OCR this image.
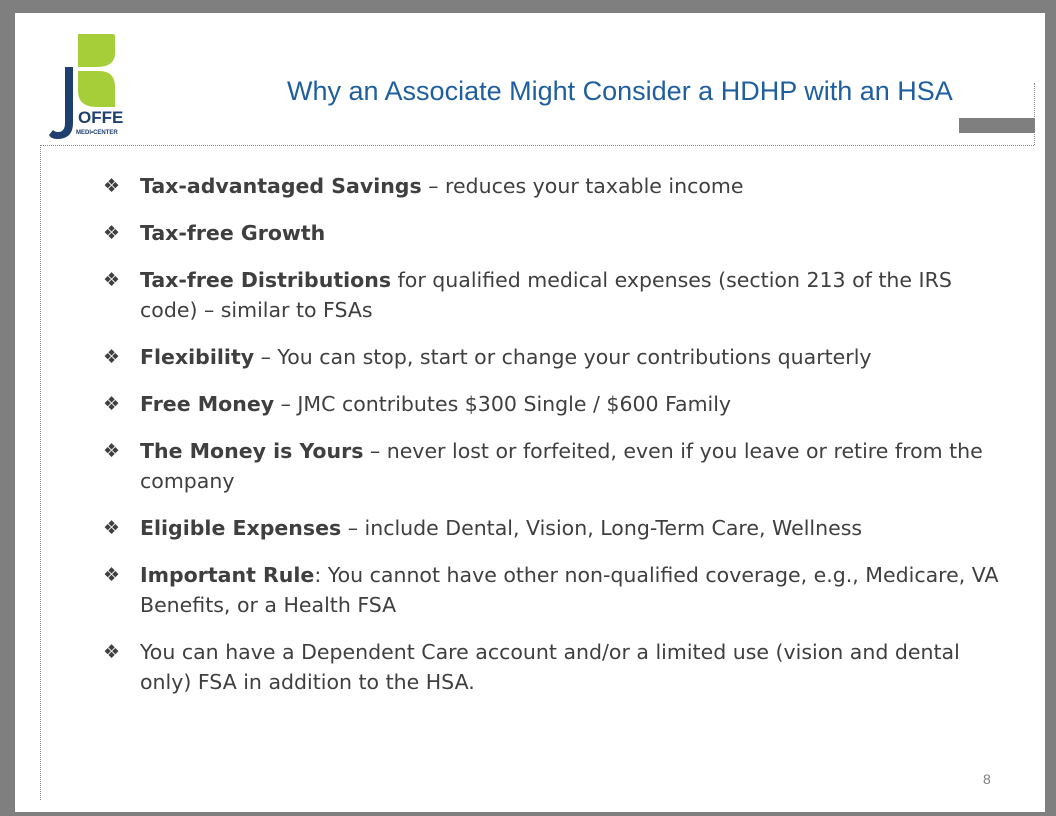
OFFE
MEDI•CENTER
Why an Associate Might Consider a HDHP with an HSA
❖ Tax-advantaged Savings – reduces your taxable income
❖ Tax-free Growth
❖ Tax-free Distributions for qualified medical expenses (section 213 of the IRS code) – similar to FSAs
❖ Flexibility – You can stop, start or change your contributions quarterly
❖ Free Money – JMC contributes $300 Single / $600 Family
❖ The Money is Yours – never lost or forfeited, even if you leave or retire from the company
❖ Eligible Expenses – include Dental, Vision, Long-Term Care, Wellness
❖ Important Rule: You cannot have other non-qualified coverage, e.g., Medicare, VA Benefits, or a Health FSA
❖ You can have a Dependent Care account and/or a limited use (vision and dental only) FSA in addition to the HSA.
8
